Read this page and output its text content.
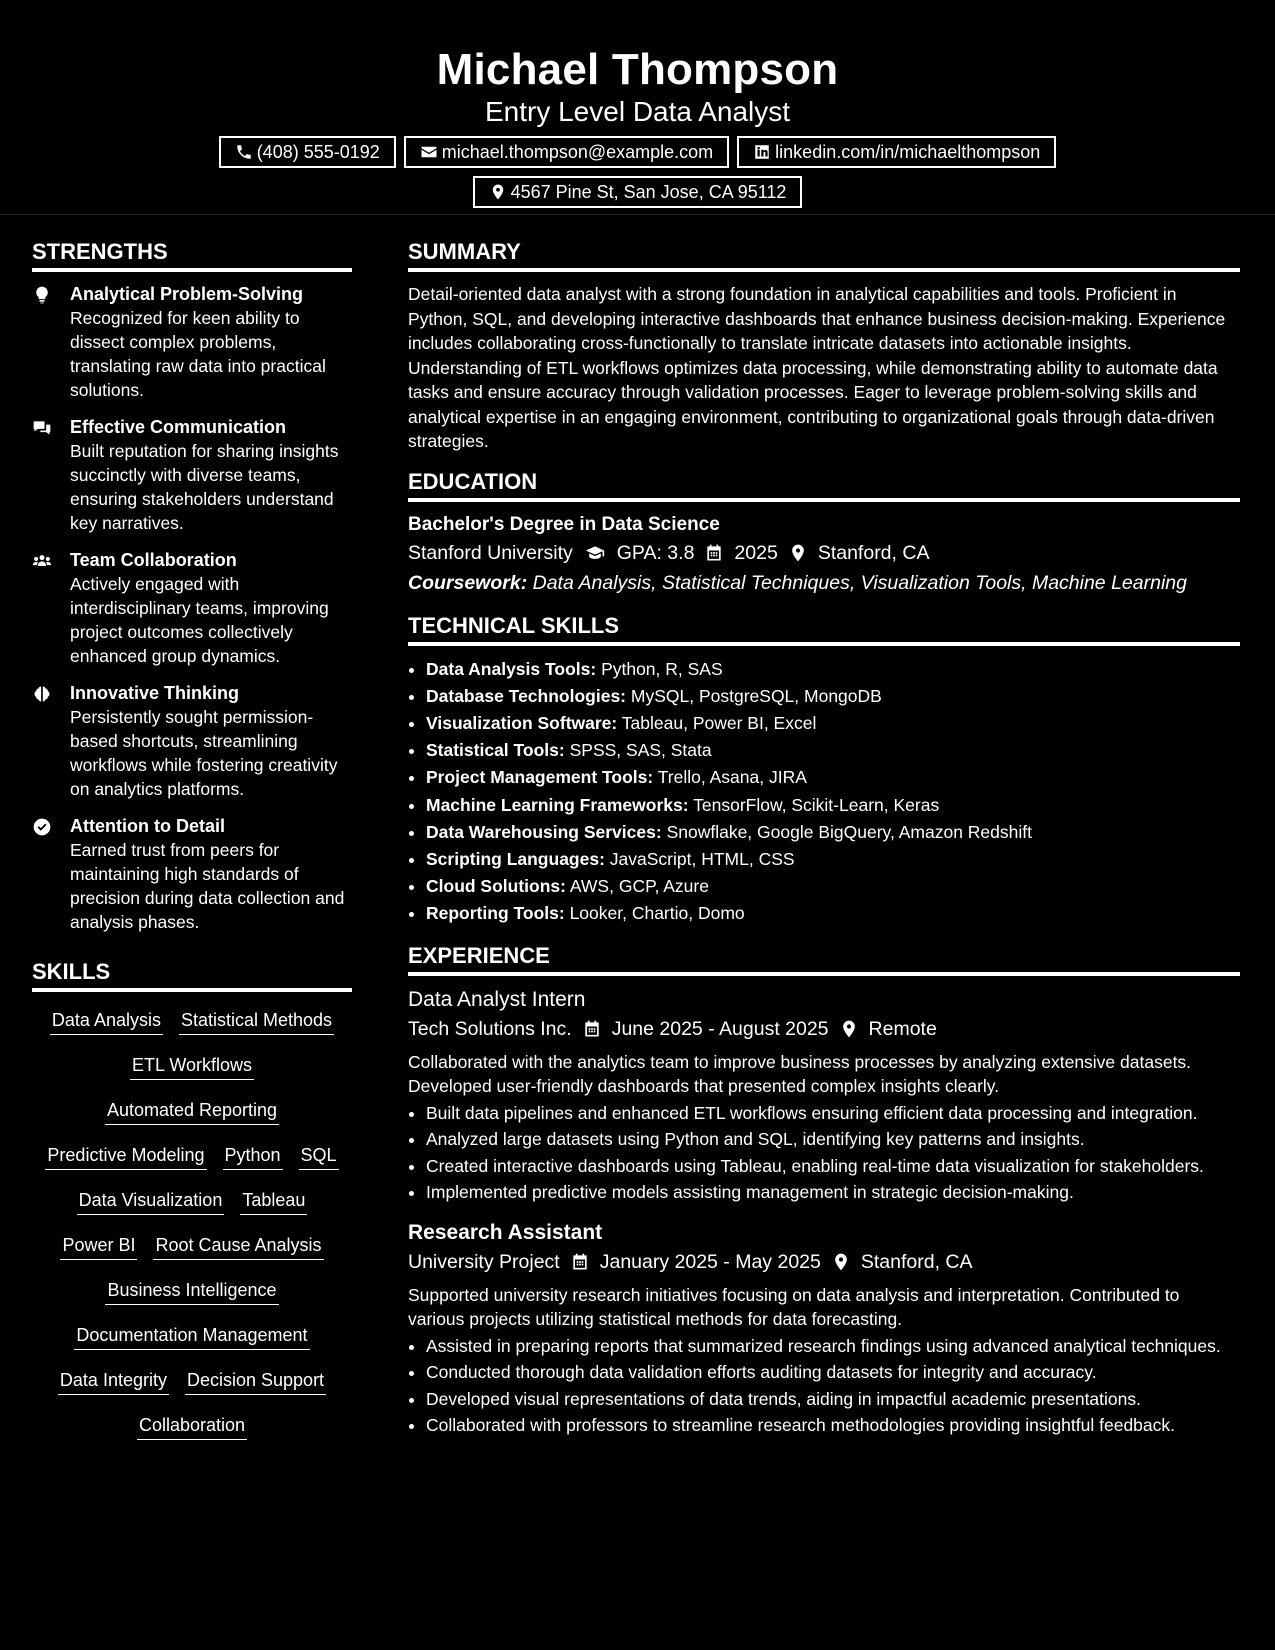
Michael Thompson
Entry Level Data Analyst
(408) 555-0192	michael.thompson@example.com	linkedin.com/in/michaelthompson
4567 Pine St, San Jose, CA 95112
STRENGTHS
Analytical Problem-Solving
Recognized for keen ability to dissect complex problems, translating raw data into practical solutions.
Effective Communication
Built reputation for sharing insights succinctly with diverse teams, ensuring stakeholders understand key narratives.
Team Collaboration
Actively engaged with interdisciplinary teams, improving project outcomes collectively enhanced group dynamics.
Innovative Thinking
Persistently sought permission-based shortcuts, streamlining workflows while fostering creativity on analytics platforms.
Attention to Detail
Earned trust from peers for maintaining high standards of precision during data collection and analysis phases.
SKILLS
Data Analysis Statistical Methods
ETL Workflows
Automated Reporting
Predictive Modeling Python SQL
Data Visualization Tableau
Power BI Root Cause Analysis
Business Intelligence
Documentation Management
Data Integrity Decision Support
Collaboration
SUMMARY
Detail-oriented data analyst with a strong foundation in analytical capabilities and tools. Proficient in Python, SQL, and developing interactive dashboards that enhance business decision-making. Experience includes collaborating cross-functionally to translate intricate datasets into actionable insights. Understanding of ETL workflows optimizes data processing, while demonstrating ability to automate data tasks and ensure accuracy through validation processes. Eager to leverage problem-solving skills and analytical expertise in an engaging environment, contributing to organizational goals through data-driven strategies.
EDUCATION
Bachelor's Degree in Data Science
Stanford University GPA: 3.8 2025 Stanford, CA
Coursework: Data Analysis, Statistical Techniques, Visualization Tools, Machine Learning
TECHNICAL SKILLS
• Data Analysis Tools: Python, R, SAS
• Database Technologies: MySQL, PostgreSQL, MongoDB
• Visualization Software: Tableau, Power BI, Excel
• Statistical Tools: SPSS, SAS, Stata
• Project Management Tools: Trello, Asana, JIRA
• Machine Learning Frameworks: TensorFlow, Scikit-Learn, Keras
• Data Warehousing Services: Snowflake, Google BigQuery, Amazon Redshift
• Scripting Languages: JavaScript, HTML, CSS
• Cloud Solutions: AWS, GCP, Azure
• Reporting Tools: Looker, Chartio, Domo
EXPERIENCE
Data Analyst Intern
Tech Solutions Inc. June 2025 - August 2025 Remote
Collaborated with the analytics team to improve business processes by analyzing extensive datasets. Developed user-friendly dashboards that presented complex insights clearly.
• Built data pipelines and enhanced ETL workflows ensuring efficient data processing and integration.
• Analyzed large datasets using Python and SQL, identifying key patterns and insights.
• Created interactive dashboards using Tableau, enabling real-time data visualization for stakeholders.
• Implemented predictive models assisting management in strategic decision-making.
Research Assistant
University Project January 2025 - May 2025 Stanford, CA
Supported university research initiatives focusing on data analysis and interpretation. Contributed to various projects utilizing statistical methods for data forecasting.
• Assisted in preparing reports that summarized research findings using advanced analytical techniques.
• Conducted thorough data validation efforts auditing datasets for integrity and accuracy.
• Developed visual representations of data trends, aiding in impactful academic presentations.
• Collaborated with professors to streamline research methodologies providing insightful feedback.
